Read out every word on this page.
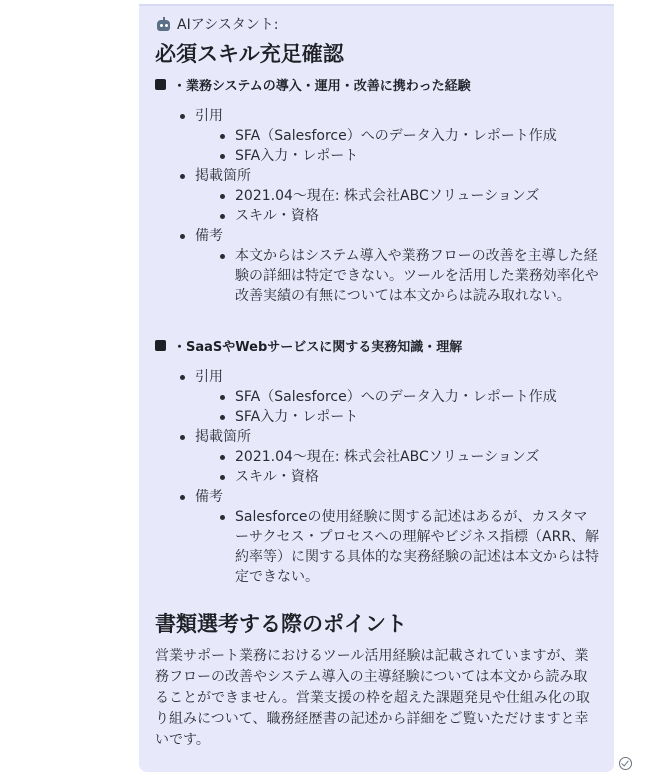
AIアシスタント:
必須スキル充足確認
・業務システムの導入・運用・改善に携わった経験
引用
SFA（Salesforce）へのデータ入力・レポート作成
SFA入力・レポート
掲載箇所
2021.04〜現在: 株式会社ABCソリューションズ
スキル・資格
備考
本文からはシステム導入や業務フローの改善を主導した経験の詳細は特定できない。ツールを活用した業務効率化や改善実績の有無については本文からは読み取れない。
・SaaSやWebサービスに関する実務知識・理解
引用
SFA（Salesforce）へのデータ入力・レポート作成
SFA入力・レポート
掲載箇所
2021.04〜現在: 株式会社ABCソリューションズ
スキル・資格
備考
Salesforceの使用経験に関する記述はあるが、カスタマーサクセス・プロセスへの理解やビジネス指標（ARR、解約率等）に関する具体的な実務経験の記述は本文からは特定できない。
書類選考する際のポイント

営業サポート業務におけるツール活用経験は記載されていますが、業務フローの改善やシステム導入の主導経験については本文から読み取ることができません。営業支援の枠を超えた課題発見や仕組み化の取り組みについて、職務経歴書の記述から詳細をご覧いただけますと幸いです。
